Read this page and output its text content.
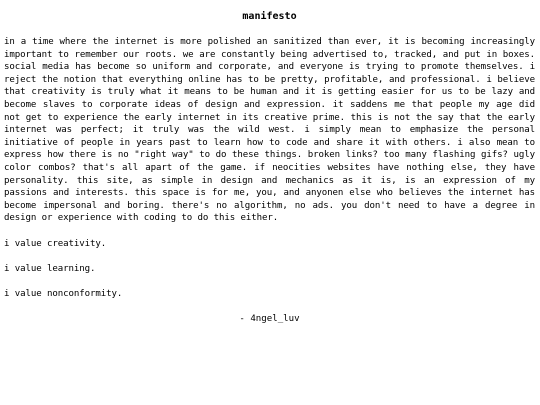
manifesto

in a time where the internet is more polished an sanitized than ever, it is becoming increasingly important to remember our roots. we are constantly being advertised to, tracked, and put in boxes. social media has become so uniform and corporate, and everyone is trying to promote themselves. i reject the notion that everything online has to be pretty, profitable, and professional. i believe that creativity is truly what it means to be human and it is getting easier for us to be lazy and become slaves to corporate ideas of design and expression. it saddens me that people my age did not get to experience the early internet in its creative prime. this is not the say that the early internet was perfect; it truly was the wild west. i simply mean to emphasize the personal initiative of people in years past to learn how to code and share it with others. i also mean to express how there is no "right way" to do these things. broken links? too many flashing gifs? ugly color combos? that's all apart of the game. if neocities websites have nothing else, they have personality. this site, as simple in design and mechanics as it is, is an expression of my passions and interests. this space is for me, you, and anyonen else who believes the internet has become impersonal and boring. there's no algorithm, no ads. you don't need to have a degree in design or experience with coding to do this either.

i value creativity.

i value learning.

i value nonconformity.

- 4ngel_luv
